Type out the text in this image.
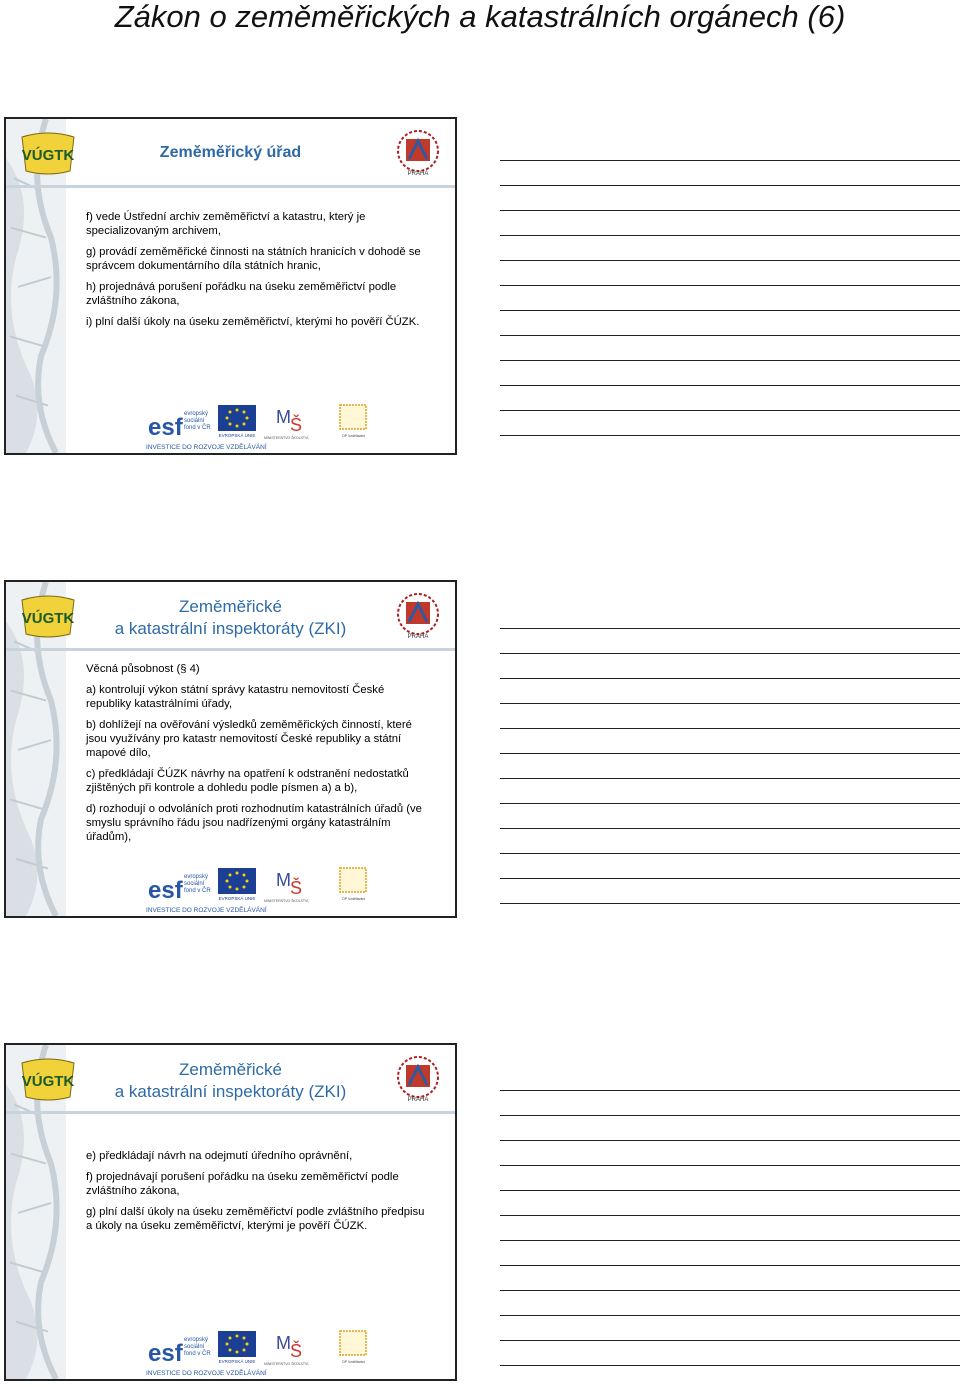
Zákon o zeměměřických a katastrálních orgánech (6)
VÚGTK	Zeměměřický úřad
PRAHA

f) vede Ústřední archiv zeměměřictví a katastru, který je specializovaným archivem,

g) provádí zeměměřické činnosti na státních hranicích v dohodě se správcem dokumentárního díla státních hranic,

h) projednává porušení pořádku na úseku zeměměřictví podle zvláštního zákona,

i) plní další úkoly na úseku zeměměřictví, kterými ho pověří ČÚZK.

esf evropský
sociální
fond v ČR
EVROPSKÁ UNIE
M Š
MINISTERSTVO ŠKOLSTVÍ,	OP Vzdělávání
INVESTICE DO ROZVOJE VZDĚLÁVÁNÍ
VÚGTK
Zeměměřické
a katastrální inspektoráty (ZKI)	PRAHA

Věcná působnost (§ 4)

a) kontrolují výkon státní správy katastru nemovitostí České republiky katastrálními úřady,

b) dohlížejí na ověřování výsledků zeměměřických činností, které jsou využívány pro katastr nemovitostí České republiky a státní mapové dílo,

c) předkládají ČÚZK návrhy na opatření k odstranění nedostatků zjištěných při kontrole a dohledu podle písmen a) a b),

d) rozhodují o odvoláních proti rozhodnutím katastrálních úřadů (ve smyslu správního řádu jsou nadřízenými orgány katastrálním úřadům),

esf evropský
sociální
fond v ČR
EVROPSKÁ UNIE
M Š
MINISTERSTVO ŠKOLSTVÍ,	OP Vzdělávání
INVESTICE DO ROZVOJE VZDĚLÁVÁNÍ
VÚGTK
Zeměměřické
a katastrální inspektoráty (ZKI)	PRAHA

e) předkládají návrh na odejmutí úředního oprávnění,

f) projednávají porušení pořádku na úseku zeměměřictví podle zvláštního zákona,

g) plní další úkoly na úseku zeměměřictví podle zvláštního předpisu a úkoly na úseku zeměměřictví, kterými je pověří ČÚZK.

esf evropský
sociální
fond v ČR
EVROPSKÁ UNIE
M Š
MINISTERSTVO ŠKOLSTVÍ,	OP Vzdělávání
INVESTICE DO ROZVOJE VZDĚLÁVÁNÍ
